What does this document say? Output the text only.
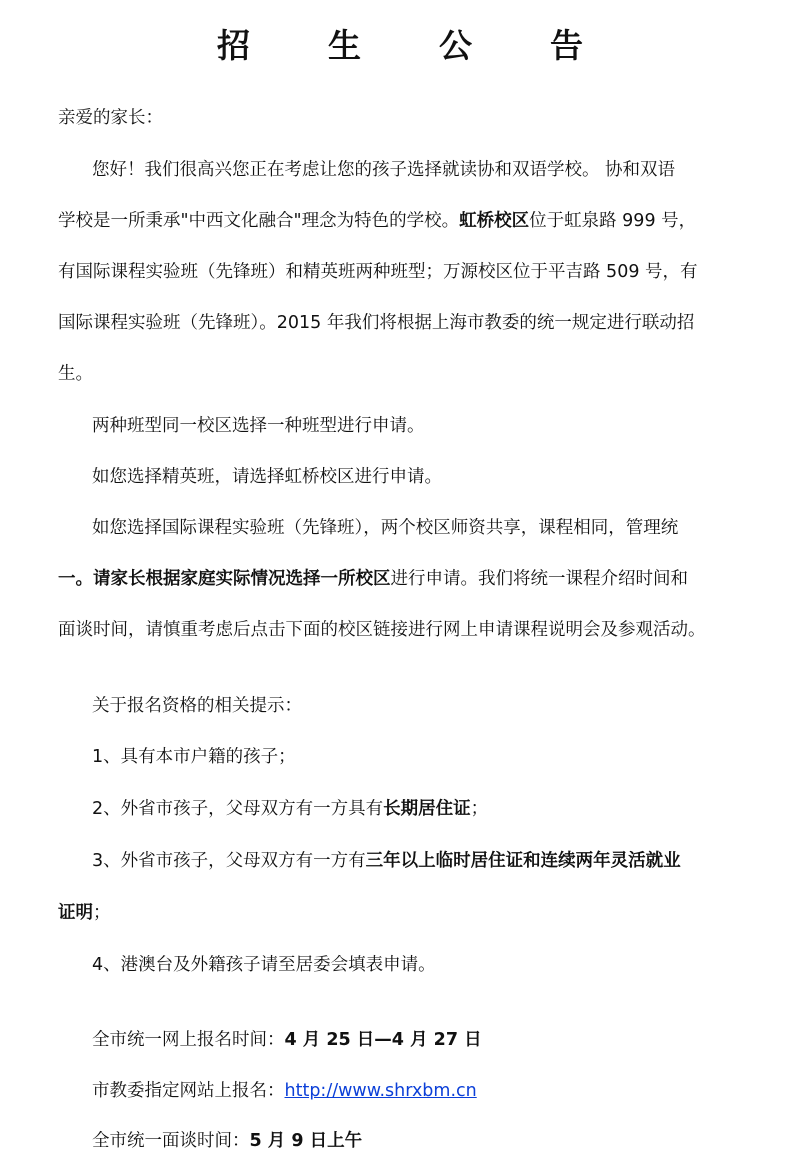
招生公告
亲爱的家长：
您好！我们很高兴您正在考虑让您的孩子选择就读协和双语学校。 协和双语
学校是一所秉承"中西文化融合"理念为特色的学校。虹桥校区位于虹泉路 999 号，
有国际课程实验班（先锋班）和精英班两种班型；万源校区位于平吉路 509 号，有
国际课程实验班（先锋班）。2015 年我们将根据上海市教委的统一规定进行联动招
生。
两种班型同一校区选择一种班型进行申请。
如您选择精英班，请选择虹桥校区进行申请。
如您选择国际课程实验班（先锋班），两个校区师资共享，课程相同，管理统
一。请家长根据家庭实际情况选择一所校区进行申请。我们将统一课程介绍时间和
面谈时间，请慎重考虑后点击下面的校区链接进行网上申请课程说明会及参观活动。
关于报名资格的相关提示：
1、具有本市户籍的孩子；
2、外省市孩子，父母双方有一方具有长期居住证；
3、外省市孩子，父母双方有一方有三年以上临时居住证和连续两年灵活就业
证明；
4、港澳台及外籍孩子请至居委会填表申请。
全市统一网上报名时间：4 月 25 日—4 月 27 日
市教委指定网站上报名：http://www.shrxbm.cn
全市统一面谈时间：5 月 9 日上午
